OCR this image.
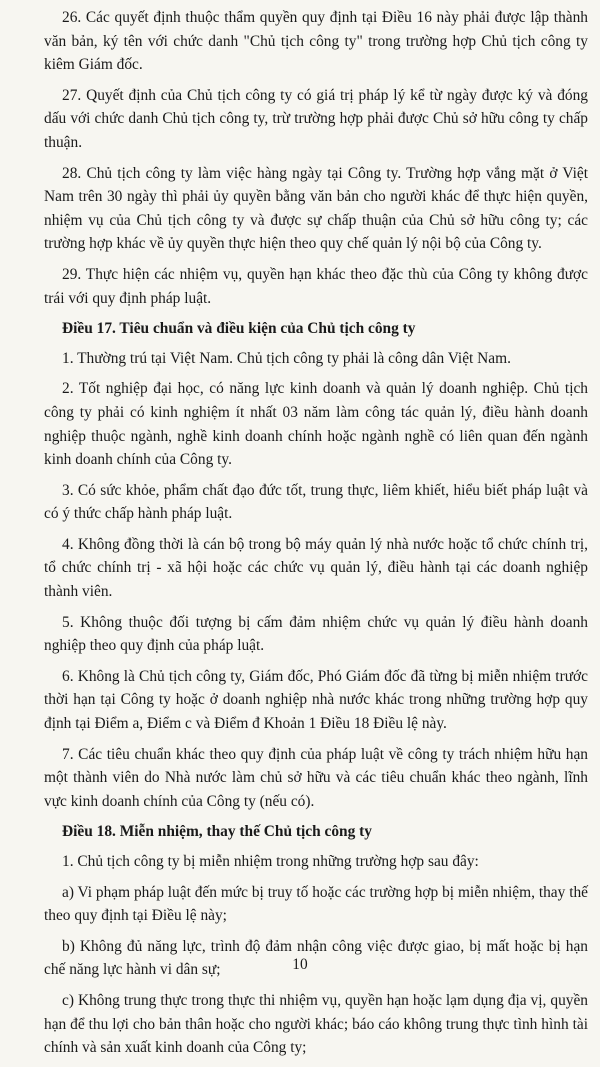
26. Các quyết định thuộc thẩm quyền quy định tại Điều 16 này phải được lập thành văn bản, ký tên với chức danh "Chủ tịch công ty" trong trường hợp Chủ tịch công ty kiêm Giám đốc.

27. Quyết định của Chủ tịch công ty có giá trị pháp lý kể từ ngày được ký và đóng dấu với chức danh Chủ tịch công ty, trừ trường hợp phải được Chủ sở hữu công ty chấp thuận.

28. Chủ tịch công ty làm việc hàng ngày tại Công ty. Trường hợp vắng mặt ở Việt Nam trên 30 ngày thì phải ủy quyền bằng văn bản cho người khác để thực hiện quyền, nhiệm vụ của Chủ tịch công ty và được sự chấp thuận của Chủ sở hữu công ty; các trường hợp khác về ủy quyền thực hiện theo quy chế quản lý nội bộ của Công ty.

29. Thực hiện các nhiệm vụ, quyền hạn khác theo đặc thù của Công ty không được trái với quy định pháp luật.

Điều 17. Tiêu chuẩn và điều kiện của Chủ tịch công ty

1. Thường trú tại Việt Nam. Chủ tịch công ty phải là công dân Việt Nam.

2. Tốt nghiệp đại học, có năng lực kinh doanh và quản lý doanh nghiệp. Chủ tịch công ty phải có kinh nghiệm ít nhất 03 năm làm công tác quản lý, điều hành doanh nghiệp thuộc ngành, nghề kinh doanh chính hoặc ngành nghề có liên quan đến ngành kinh doanh chính của Công ty.

3. Có sức khỏe, phẩm chất đạo đức tốt, trung thực, liêm khiết, hiểu biết pháp luật và có ý thức chấp hành pháp luật.

4. Không đồng thời là cán bộ trong bộ máy quản lý nhà nước hoặc tổ chức chính trị, tổ chức chính trị - xã hội hoặc các chức vụ quản lý, điều hành tại các doanh nghiệp thành viên.

5. Không thuộc đối tượng bị cấm đảm nhiệm chức vụ quản lý điều hành doanh nghiệp theo quy định của pháp luật.

6. Không là Chủ tịch công ty, Giám đốc, Phó Giám đốc đã từng bị miễn nhiệm trước thời hạn tại Công ty hoặc ở doanh nghiệp nhà nước khác trong những trường hợp quy định tại Điểm a, Điểm c và Điểm đ Khoản 1 Điều 18 Điều lệ này.

7. Các tiêu chuẩn khác theo quy định của pháp luật về công ty trách nhiệm hữu hạn một thành viên do Nhà nước làm chủ sở hữu và các tiêu chuẩn khác theo ngành, lĩnh vực kinh doanh chính của Công ty (nếu có).

Điều 18. Miễn nhiệm, thay thế Chủ tịch công ty

1. Chủ tịch công ty bị miễn nhiệm trong những trường hợp sau đây:

a) Vi phạm pháp luật đến mức bị truy tố hoặc các trường hợp bị miễn nhiệm, thay thế theo quy định tại Điều lệ này;

b) Không đủ năng lực, trình độ đảm nhận công việc được giao, bị mất hoặc bị hạn chế năng lực hành vi dân sự;

c) Không trung thực trong thực thi nhiệm vụ, quyền hạn hoặc lạm dụng địa vị, quyền hạn để thu lợi cho bản thân hoặc cho người khác; báo cáo không trung thực tình hình tài chính và sản xuất kinh doanh của Công ty;

10
